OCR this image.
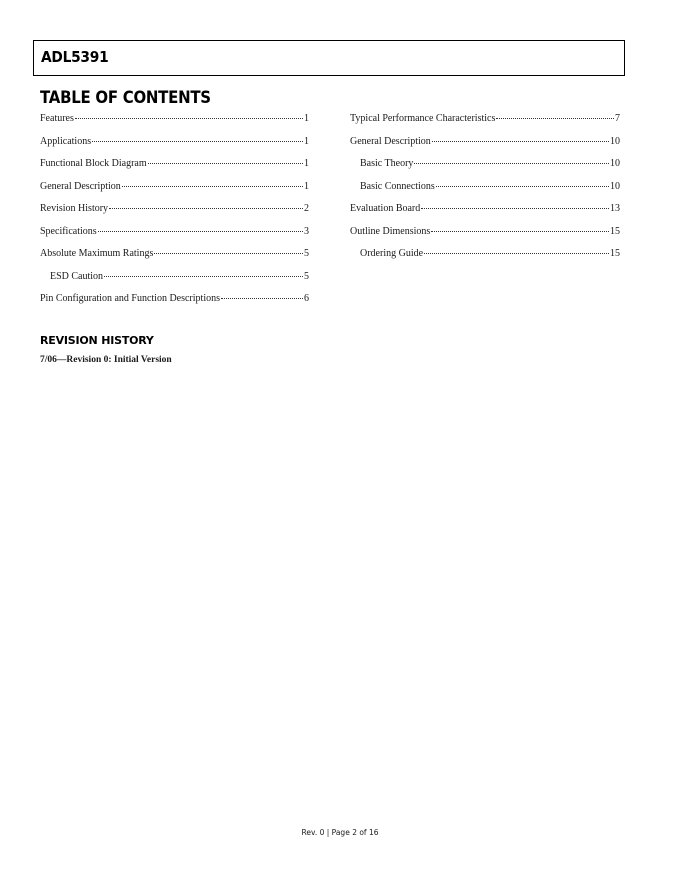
ADL5391
TABLE OF CONTENTS
Features	1
Applications	1
Functional Block Diagram	1
General Description	1
Revision History	2
Specifications	3
Absolute Maximum Ratings	5
ESD Caution	5
Pin Configuration and Function Descriptions	6
Typical Performance Characteristics	7
General Description	10
Basic Theory	10
Basic Connections	10
Evaluation Board	13
Outline Dimensions	15
Ordering Guide	15
REVISION HISTORY
7/06—Revision 0: Initial Version
Rev. 0 | Page 2 of 16
